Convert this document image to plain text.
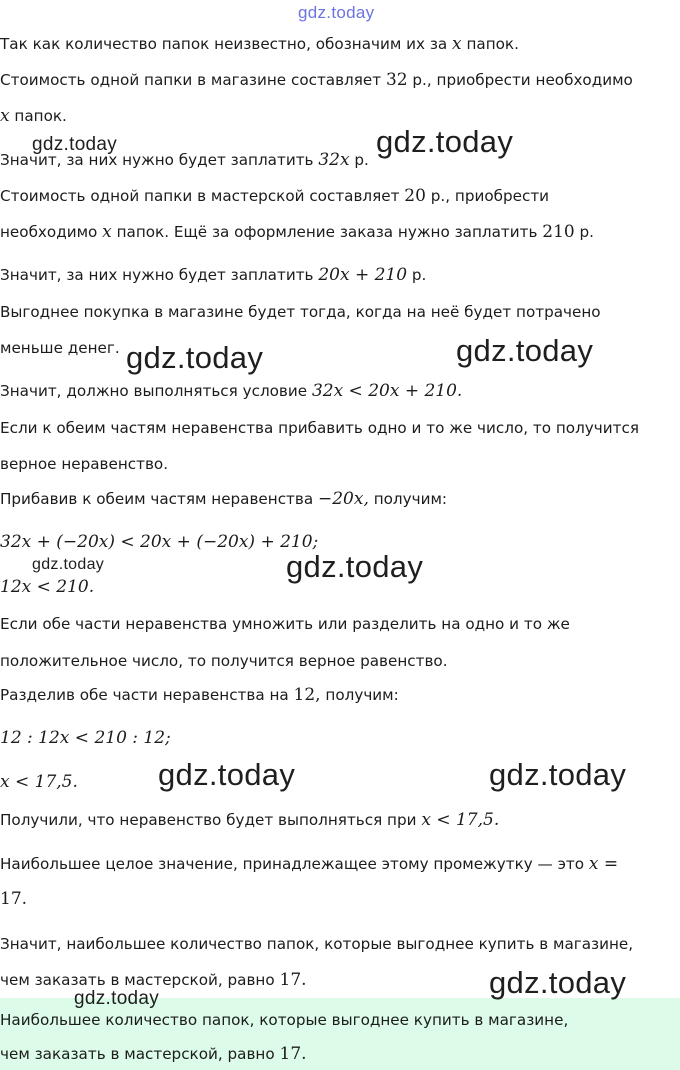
Так как количество папок неизвестно, обозначим их за x папок.
Стоимость одной папки в магазине составляет 32 р., приобрести необходимо
x папок.
Значит, за них нужно будет заплатить 32x р.
Стоимость одной папки в мастерской составляет 20 р., приобрести
необходимо x папок. Ещё за оформление заказа нужно заплатить 210 р.
Значит, за них нужно будет заплатить 20x + 210 р.
Выгоднее покупка в магазине будет тогда, когда на неё будет потрачено
меньше денег.
Значит, должно выполняться условие 32x < 20x + 210.
Если к обеим частям неравенства прибавить одно и то же число, то получится
верное неравенство.
Прибавив к обеим частям неравенства −20x, получим:
32x + (−20x) < 20x + (−20x) + 210;
12x < 210.
Если обе части неравенства умножить или разделить на одно и то же
положительное число, то получится верное равенство.
Разделив обе части неравенства на 12, получим:
12 : 12x < 210 : 12;
x < 17,5.
Получили, что неравенство будет выполняться при x < 17,5.
Наибольшее целое значение, принадлежащее этому промежутку — это x =
17.
Значит, наибольшее количество папок, которые выгоднее купить в магазине,
чем заказать в мастерской, равно 17.
Наибольшее количество папок, которые выгоднее купить в магазине,
чем заказать в мастерской, равно 17.
gdz.today
gdz.today	gdz.today
gdz.today	gdz.today
gdz.today	gdz.today
gdz.today	gdz.today
gdz.today
gdz.today
